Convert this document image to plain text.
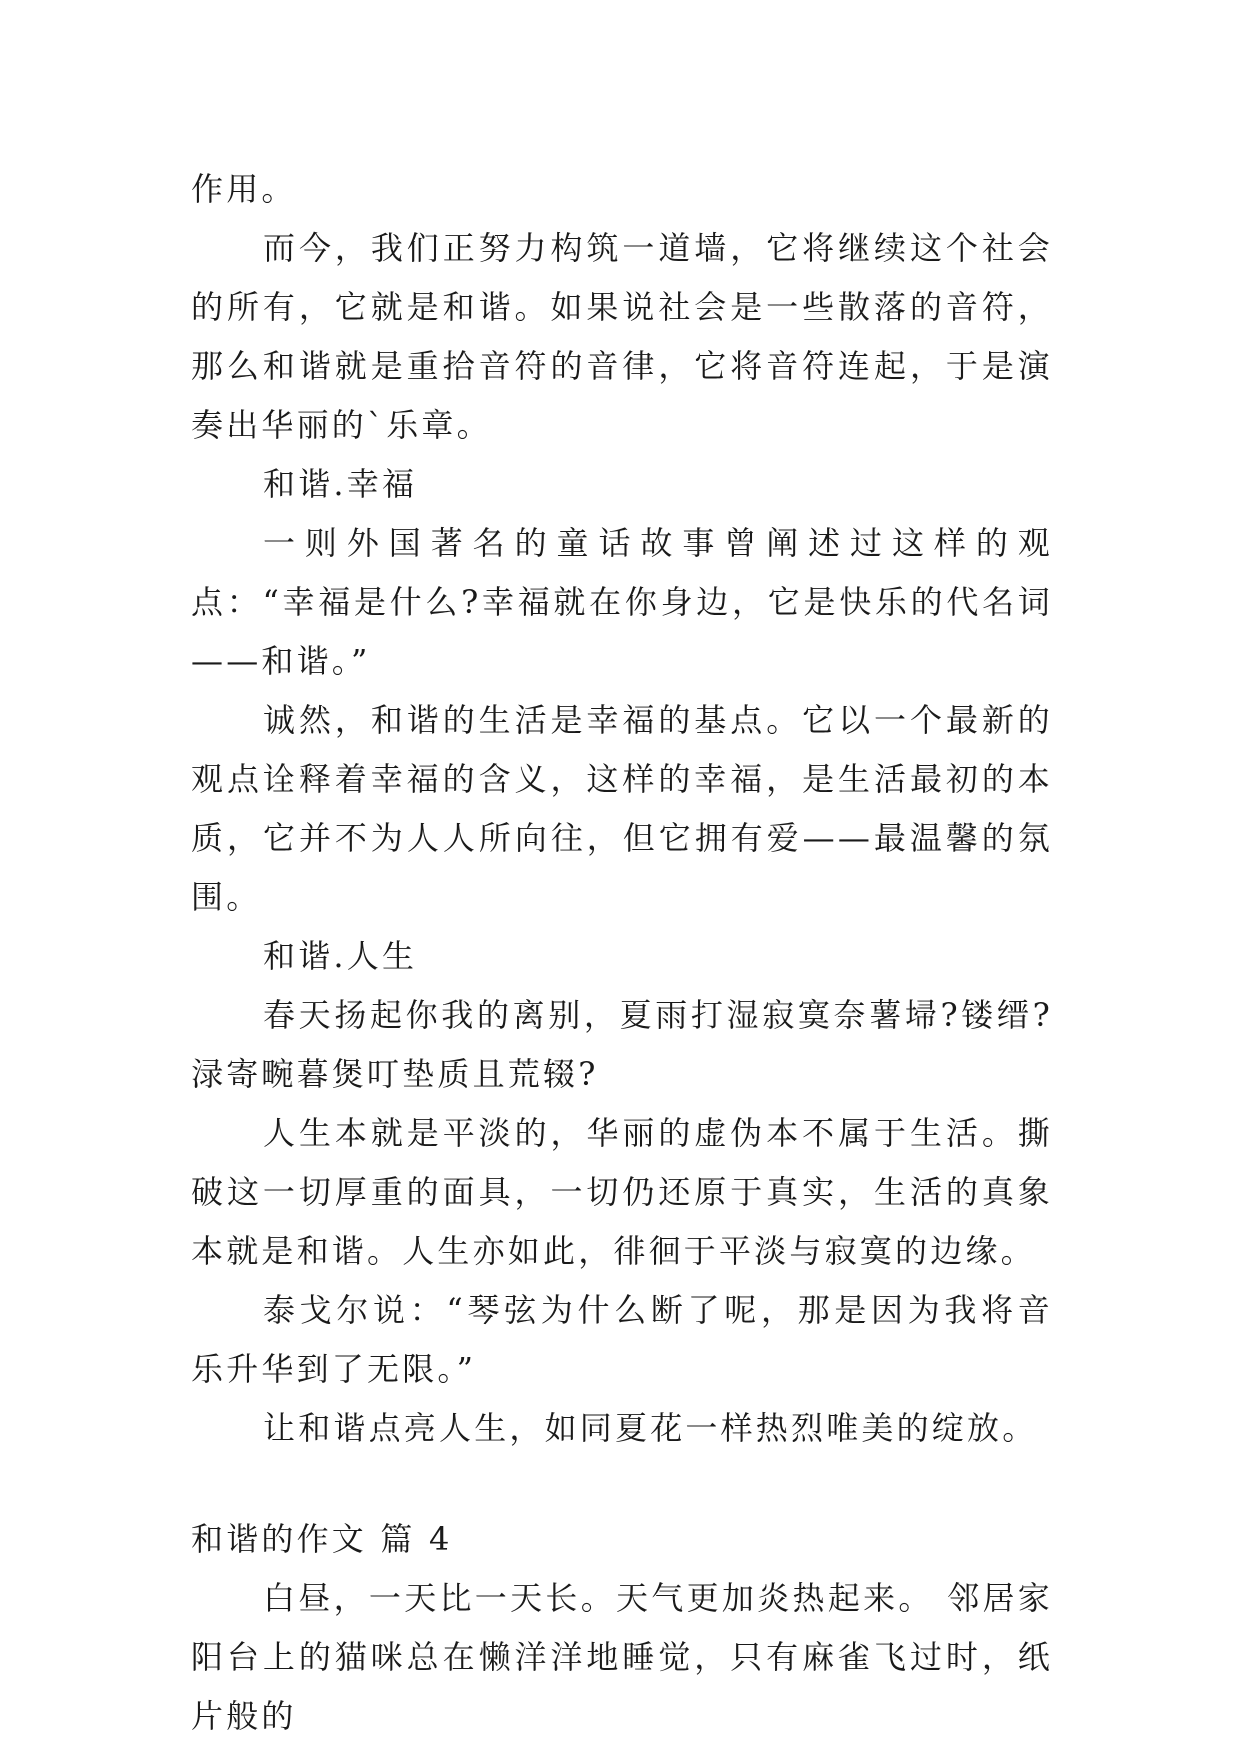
作用。

而今，我们正努力构筑一道墙，它将继续这个社会的所有，它就是和谐。如果说社会是一些散落的音符，那么和谐就是重拾音符的音律，它将音符连起，于是演奏出华丽的`乐章。

和谐.幸福

一则外国著名的童话故事曾阐述过这样的观点：“幸福是什么?幸福就在你身边，它是快乐的代名词——和谐。”

诚然，和谐的生活是幸福的基点。它以一个最新的观点诠释着幸福的含义，这样的幸福，是生活最初的本质，它并不为人人所向往，但它拥有爱——最温馨的氛围。

和谐.人生

春天扬起你我的离别，夏雨打湿寂寞奈薯埽?镂缙?渌寄畹暮煲叮垫质且荒辍?

人生本就是平淡的，华丽的虚伪本不属于生活。撕破这一切厚重的面具，一切仍还原于真实，生活的真象本就是和谐。人生亦如此，徘徊于平淡与寂寞的边缘。

泰戈尔说：“琴弦为什么断了呢，那是因为我将音乐升华到了无限。”

让和谐点亮人生，如同夏花一样热烈唯美的绽放。

和谐的作文 篇 4

白昼，一天比一天长。天气更加炎热起来。 邻居家阳台上的猫咪总在懒洋洋地睡觉，只有麻雀飞过时，纸片般的
